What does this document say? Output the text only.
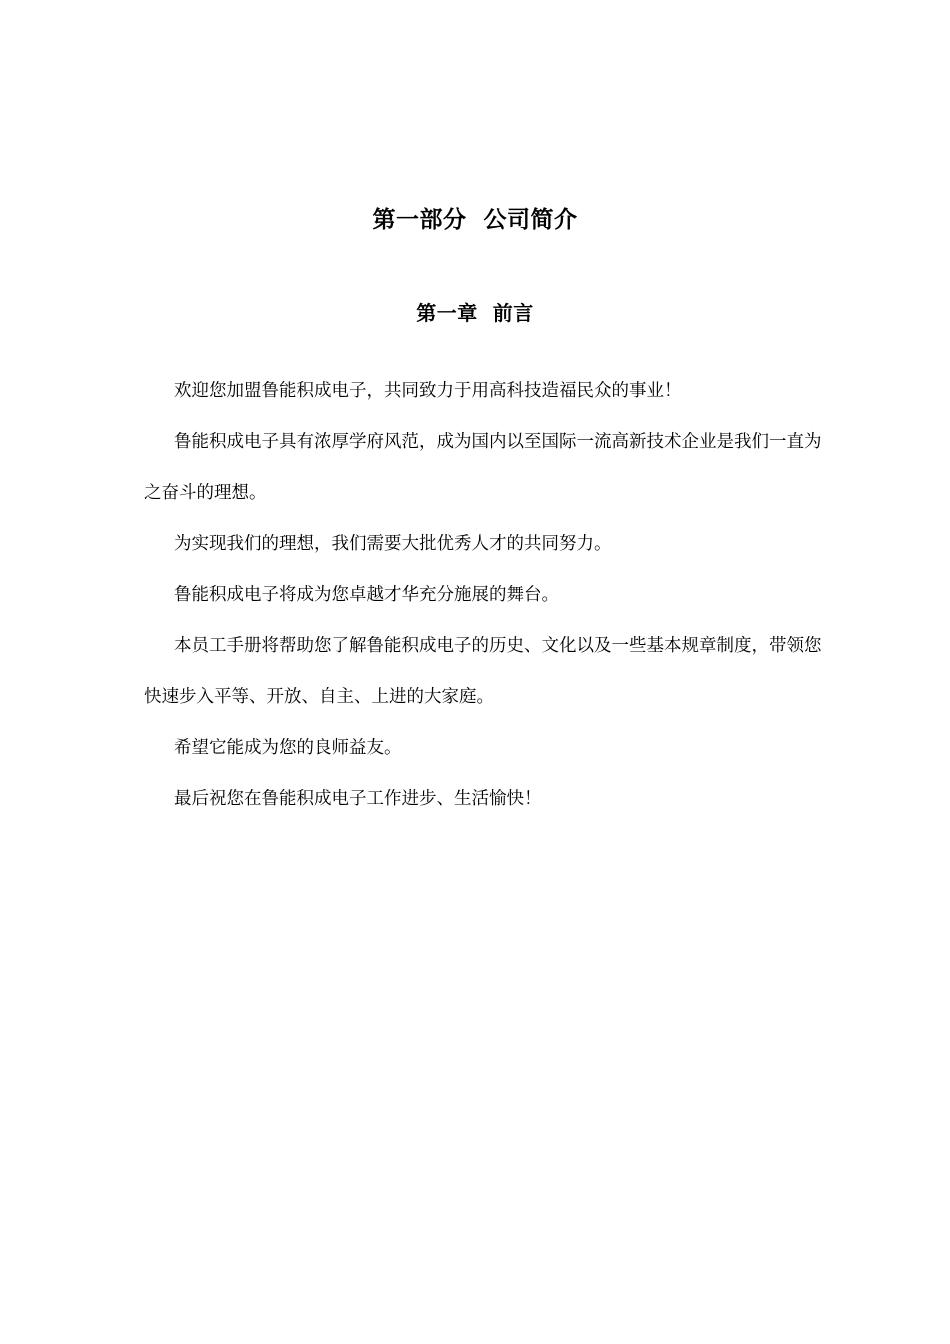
第一部分  公司简介
第一章  前言

欢迎您加盟鲁能积成电子，共同致力于用高科技造福民众的事业！

鲁能积成电子具有浓厚学府风范，成为国内以至国际一流高新技术企业是我们一直为之奋斗的理想。

为实现我们的理想，我们需要大批优秀人才的共同努力。

鲁能积成电子将成为您卓越才华充分施展的舞台。

本员工手册将帮助您了解鲁能积成电子的历史、文化以及一些基本规章制度，带领您快速步入平等、开放、自主、上进的大家庭。

希望它能成为您的良师益友。

最后祝您在鲁能积成电子工作进步、生活愉快！
